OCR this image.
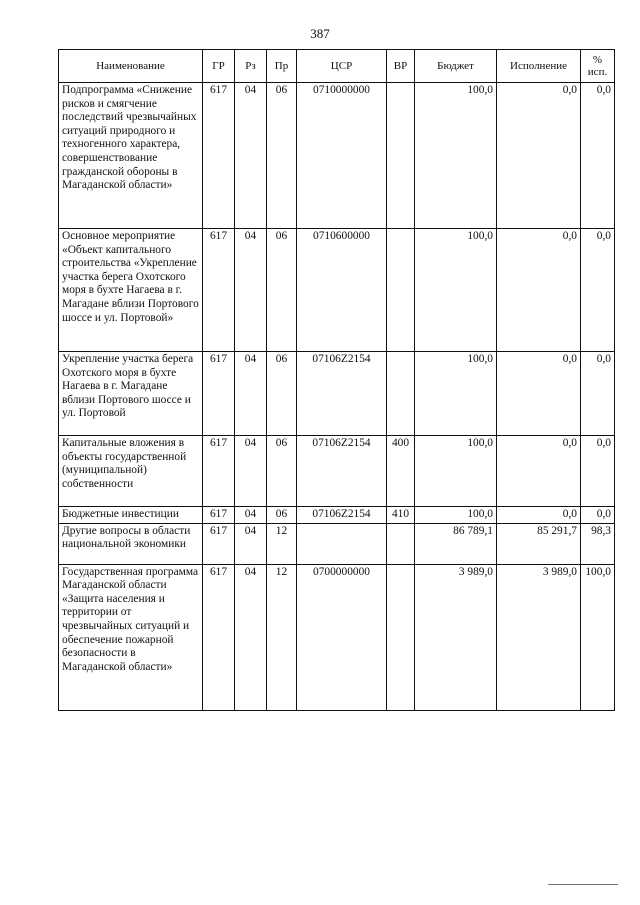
387
Наименование	ГР	Рз	Пр	ЦСР	ВР	Бюджет	Исполнение	% исп.
Подпрограмма «Снижение рисков и смягчение последствий чрезвычайных ситуаций природного и техногенного характера, совершенствование гражданской обороны в Магаданской области»	617	04	06	0710000000		100,0	0,0	0,0
Основное мероприятие «Объект капитального строительства «Укрепление участка берега Охотского моря в бухте Нагаева в г. Магадане вблизи Портового шоссе и ул. Портовой»	617	04	06	0710600000		100,0	0,0	0,0
Укрепление участка берега Охотского моря в бухте Нагаева в г. Магадане вблизи Портового шоссе и ул. Портовой	617	04	06	07106Z2154		100,0	0,0	0,0
Капитальные вложения в объекты государственной (муниципальной) собственности	617	04	06	07106Z2154	400	100,0	0,0	0,0
Бюджетные инвестиции	617	04	06	07106Z2154	410	100,0	0,0	0,0
Другие вопросы в области национальной экономики	617	04	12			86 789,1	85 291,7	98,3
Государственная программа Магаданской области «Защита населения и территории от чрезвычайных ситуаций и обеспечение пожарной безопасности в Магаданской области»	617	04	12	0700000000		3 989,0	3 989,0	100,0
